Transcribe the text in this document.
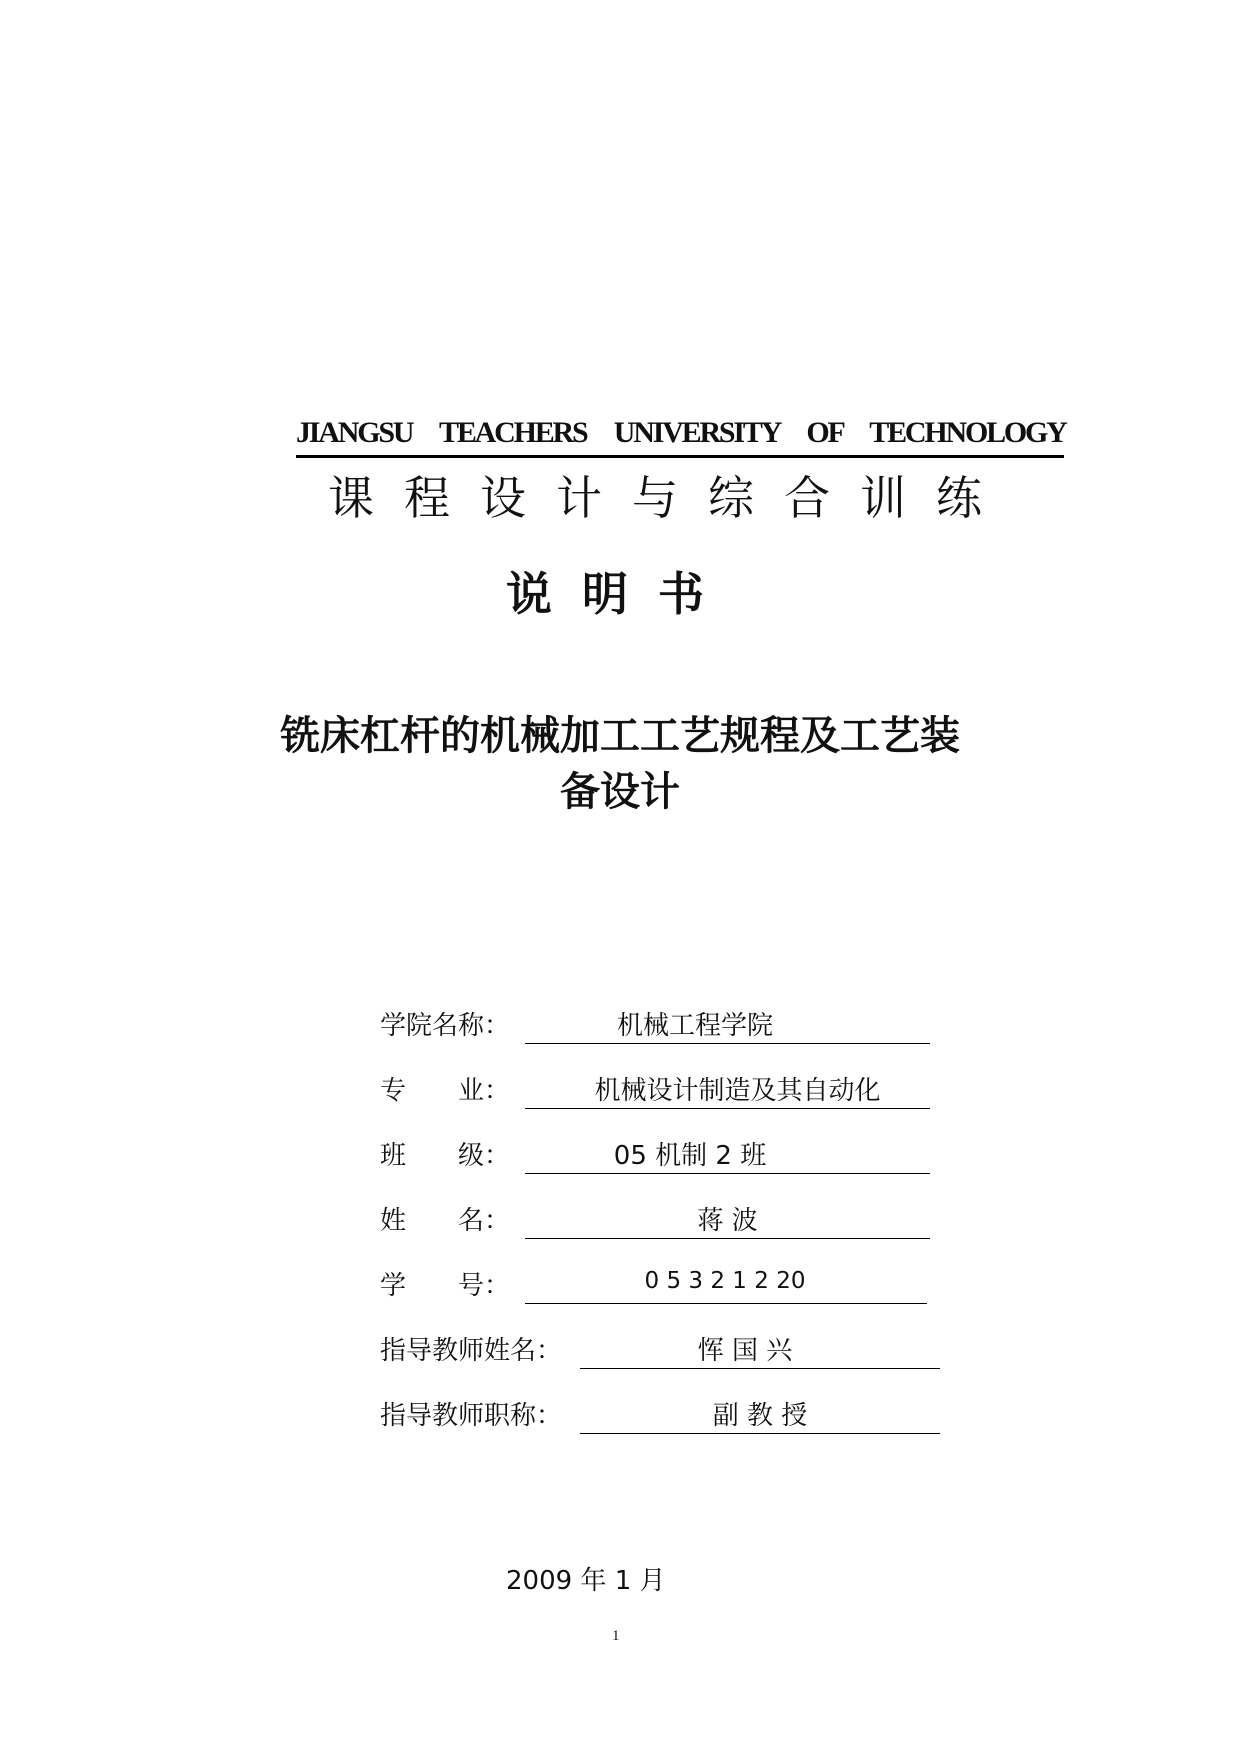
JIANGSU TEACHERS UNIVERSITY OF TECHNOLOGY
课程设计与综合训练
说明书
铣床杠杆的机械加工工艺规程及工艺装
备设计
学院名称：	机械工程学院
专　　业：	机械设计制造及其自动化
班　　级：	05 机制 2 班
姓　　名：	蒋 波
学　　号：	0 5 3 2 1 2 20
指导教师姓名：	恽 国 兴
指导教师职称：	副 教 授
2009 年 1 月
1
